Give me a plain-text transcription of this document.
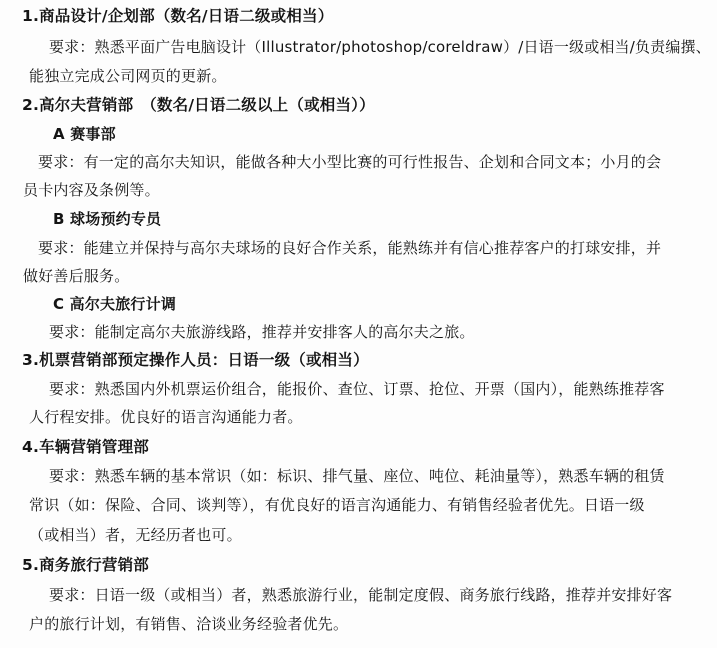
1.商品设计/企划部（数名/日语二级或相当）
要求：熟悉平面广告电脑设计（Illustrator/photoshop/coreldraw）/日语一级或相当/负责编撰、
能独立完成公司网页的更新。
2.高尔夫营销部　（数名/日语二级以上（或相当））
A 赛事部
要求：有一定的高尔夫知识，能做各种大小型比赛的可行性报告、企划和合同文本；小月的会
员卡内容及条例等。
B 球场预约专员
要求：能建立并保持与高尔夫球场的良好合作关系，能熟练并有信心推荐客户的打球安排，并
做好善后服务。
C 高尔夫旅行计调
要求：能制定高尔夫旅游线路，推荐并安排客人的高尔夫之旅。
3.机票营销部预定操作人员：日语一级（或相当）
要求：熟悉国内外机票运价组合，能报价、查位、订票、抢位、开票（国内），能熟练推荐客
人行程安排。优良好的语言沟通能力者。
4.车辆营销管理部
要求：熟悉车辆的基本常识（如：标识、排气量、座位、吨位、耗油量等），熟悉车辆的租赁
常识（如：保险、合同、谈判等），有优良好的语言沟通能力、有销售经验者优先。日语一级
（或相当）者，无经历者也可。
5.商务旅行营销部
要求：日语一级（或相当）者，熟悉旅游行业，能制定度假、商务旅行线路，推荐并安排好客
户的旅行计划，有销售、洽谈业务经验者优先。
